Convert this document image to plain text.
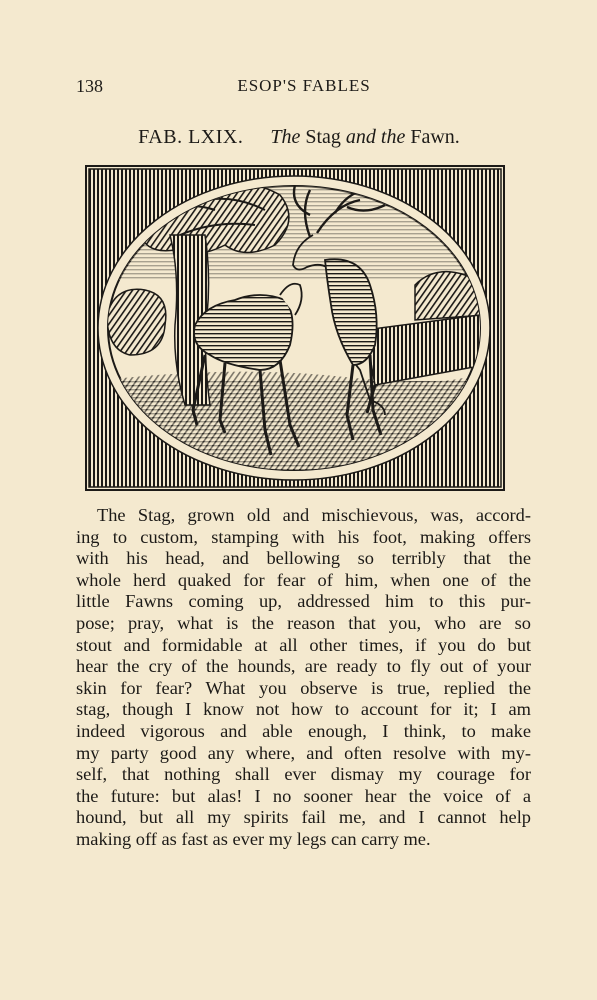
138	ESOP'S FABLES
FAB. LXIX. The Stag and the Fawn.
The Stag, grown old and mischievous, was, accord-
ing to custom, stamping with his foot, making offers
with his head, and bellowing so terribly that the
whole herd quaked for fear of him, when one of the
little Fawns coming up, addressed him to this pur-
pose; pray, what is the reason that you, who are so
stout and formidable at all other times, if you do but
hear the cry of the hounds, are ready to fly out of your
skin for fear? What you observe is true, replied the
stag, though I know not how to account for it; I am
indeed vigorous and able enough, I think, to make
my party good any where, and often resolve with my-
self, that nothing shall ever dismay my courage for
the future: but alas! I no sooner hear the voice of a
hound, but all my spirits fail me, and I cannot help
making off as fast as ever my legs can carry me.
